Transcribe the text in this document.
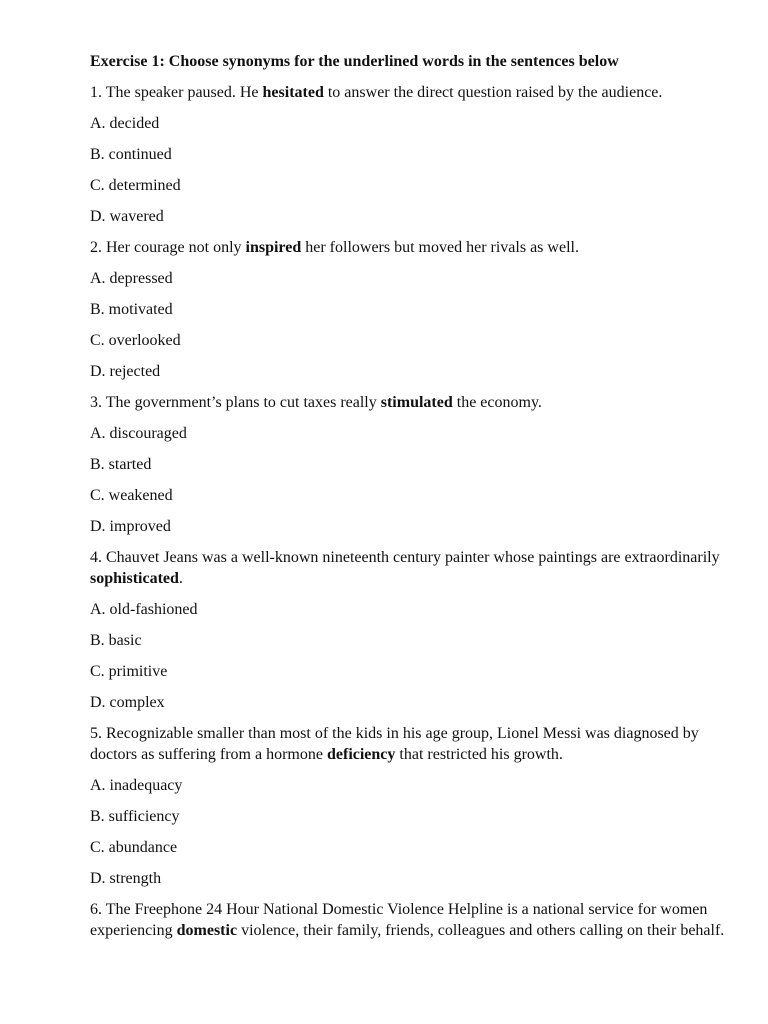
Exercise 1: Choose synonyms for the underlined words in the sentences below
1. The speaker paused. He hesitated to answer the direct question raised by the audience.
A. decided
B. continued
C. determined
D. wavered
2. Her courage not only inspired her followers but moved her rivals as well.
A. depressed
B. motivated
C. overlooked
D. rejected
3. The government’s plans to cut taxes really stimulated the economy.
A. discouraged
B. started
C. weakened
D. improved
4. Chauvet Jeans was a well-known nineteenth century painter whose paintings are extraordinarily sophisticated.
A. old-fashioned
B. basic
C. primitive
D. complex
5. Recognizable smaller than most of the kids in his age group, Lionel Messi was diagnosed by doctors as suffering from a hormone deficiency that restricted his growth.
A. inadequacy
B. sufficiency
C. abundance
D. strength
6. The Freephone 24 Hour National Domestic Violence Helpline is a national service for women experiencing domestic violence, their family, friends, colleagues and others calling on their behalf.
